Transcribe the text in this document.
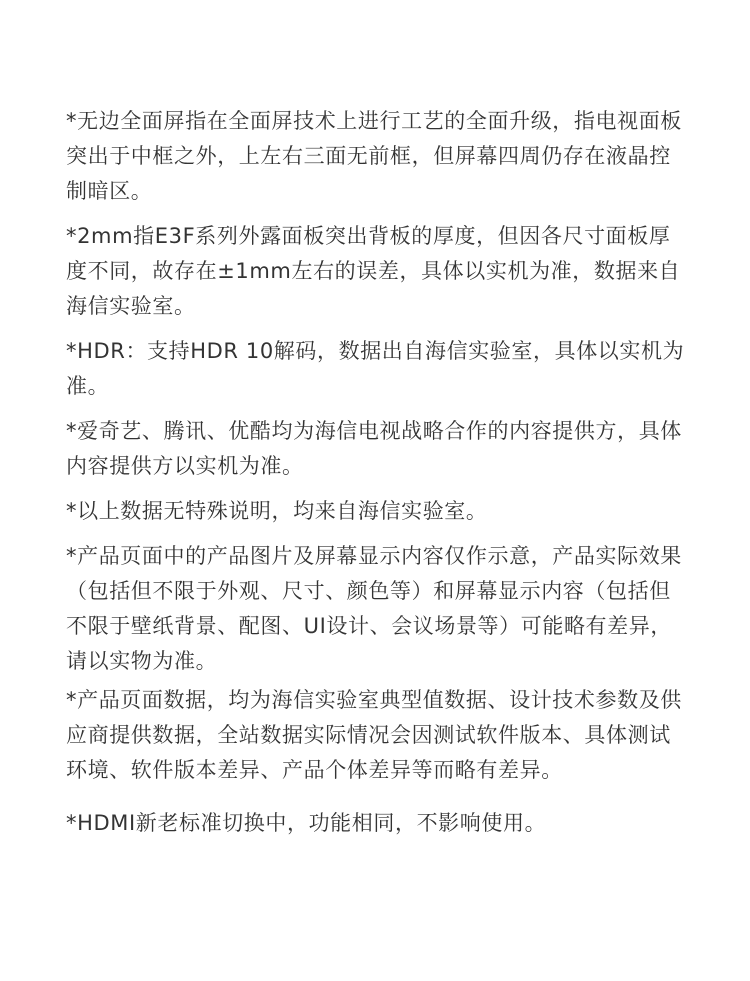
*无边全面屏指在全面屏技术上进行工艺的全面升级，指电视面板突出于中框之外，上左右三面无前框，但屏幕四周仍存在液晶控制暗区。

*2mm指E3F系列外露面板突出背板的厚度，但因各尺寸面板厚度不同，故存在±1mm左右的误差，具体以实机为准，数据来自海信实验室。

*HDR：支持HDR 10解码，数据出自海信实验室，具体以实机为准。

*爱奇艺、腾讯、优酷均为海信电视战略合作的内容提供方，具体内容提供方以实机为准。

*以上数据无特殊说明，均来自海信实验室。

*产品页面中的产品图片及屏幕显示内容仅作示意，产品实际效果（包括但不限于外观、尺寸、颜色等）和屏幕显示内容（包括但不限于壁纸背景、配图、UI设计、会议场景等）可能略有差异，请以实物为准。

*产品页面数据，均为海信实验室典型值数据、设计技术参数及供应商提供数据，全站数据实际情况会因测试软件版本、具体测试环境、软件版本差异、产品个体差异等而略有差异。

*HDMI新老标准切换中，功能相同，不影响使用。
